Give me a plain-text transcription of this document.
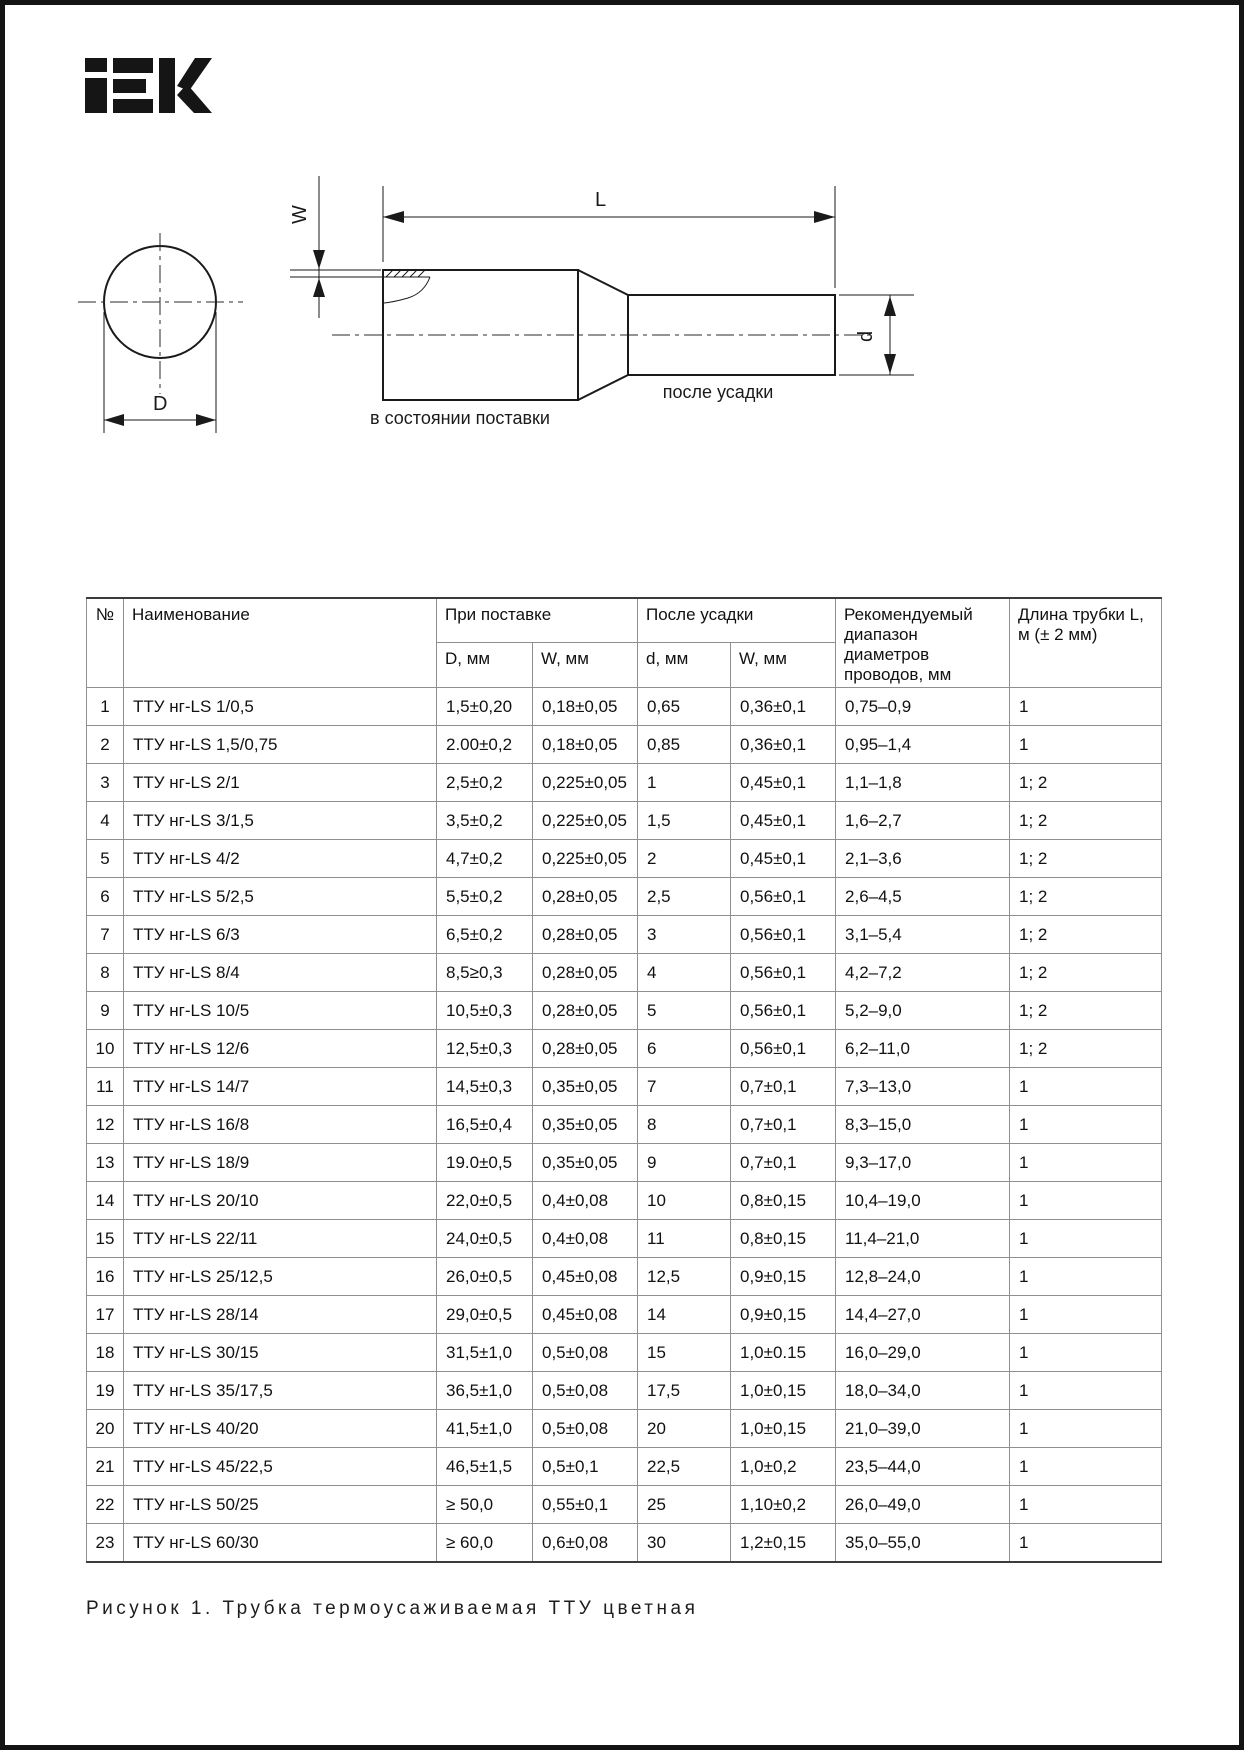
D
W
L
d
в состоянии поставки
после усадки
№	Наименование	При поставке		После усадки		Рекомендуемый диапазон диаметров проводов, мм	Длина трубки L, м (± 2 мм)
		D, мм	W, мм	d, мм	W, мм		
1	ТТУ нг-LS 1/0,5	1,5±0,20	0,18±0,05	0,65	0,36±0,1	0,75–0,9	1
2	ТТУ нг-LS 1,5/0,75	2.00±0,2	0,18±0,05	0,85	0,36±0,1	0,95–1,4	1
3	ТТУ нг-LS 2/1	2,5±0,2	0,225±0,05	1	0,45±0,1	1,1–1,8	1; 2
4	ТТУ нг-LS 3/1,5	3,5±0,2	0,225±0,05	1,5	0,45±0,1	1,6–2,7	1; 2
5	ТТУ нг-LS 4/2	4,7±0,2	0,225±0,05	2	0,45±0,1	2,1–3,6	1; 2
6	ТТУ нг-LS 5/2,5	5,5±0,2	0,28±0,05	2,5	0,56±0,1	2,6–4,5	1; 2
7	ТТУ нг-LS 6/3	6,5±0,2	0,28±0,05	3	0,56±0,1	3,1–5,4	1; 2
8	ТТУ нг-LS 8/4	8,5≥0,3	0,28±0,05	4	0,56±0,1	4,2–7,2	1; 2
9	ТТУ нг-LS 10/5	10,5±0,3	0,28±0,05	5	0,56±0,1	5,2–9,0	1; 2
10	ТТУ нг-LS 12/6	12,5±0,3	0,28±0,05	6	0,56±0,1	6,2–11,0	1; 2
11	ТТУ нг-LS 14/7	14,5±0,3	0,35±0,05	7	0,7±0,1	7,3–13,0	1
12	ТТУ нг-LS 16/8	16,5±0,4	0,35±0,05	8	0,7±0,1	8,3–15,0	1
13	ТТУ нг-LS 18/9	19.0±0,5	0,35±0,05	9	0,7±0,1	9,3–17,0	1
14	ТТУ нг-LS 20/10	22,0±0,5	0,4±0,08	10	0,8±0,15	10,4–19,0	1
15	ТТУ нг-LS 22/11	24,0±0,5	0,4±0,08	11	0,8±0,15	11,4–21,0	1
16	ТТУ нг-LS 25/12,5	26,0±0,5	0,45±0,08	12,5	0,9±0,15	12,8–24,0	1
17	ТТУ нг-LS 28/14	29,0±0,5	0,45±0,08	14	0,9±0,15	14,4–27,0	1
18	ТТУ нг-LS 30/15	31,5±1,0	0,5±0,08	15	1,0±0.15	16,0–29,0	1
19	ТТУ нг-LS 35/17,5	36,5±1,0	0,5±0,08	17,5	1,0±0,15	18,0–34,0	1
20	ТТУ нг-LS 40/20	41,5±1,0	0,5±0,08	20	1,0±0,15	21,0–39,0	1
21	ТТУ нг-LS 45/22,5	46,5±1,5	0,5±0,1	22,5	1,0±0,2	23,5–44,0	1
22	ТТУ нг-LS 50/25	≥ 50,0	0,55±0,1	25	1,10±0,2	26,0–49,0	1
23	ТТУ нг-LS 60/30	≥ 60,0	0,6±0,08	30	1,2±0,15	35,0–55,0	1
Рисунок 1. Трубка термоусаживаемая ТТУ цветная
